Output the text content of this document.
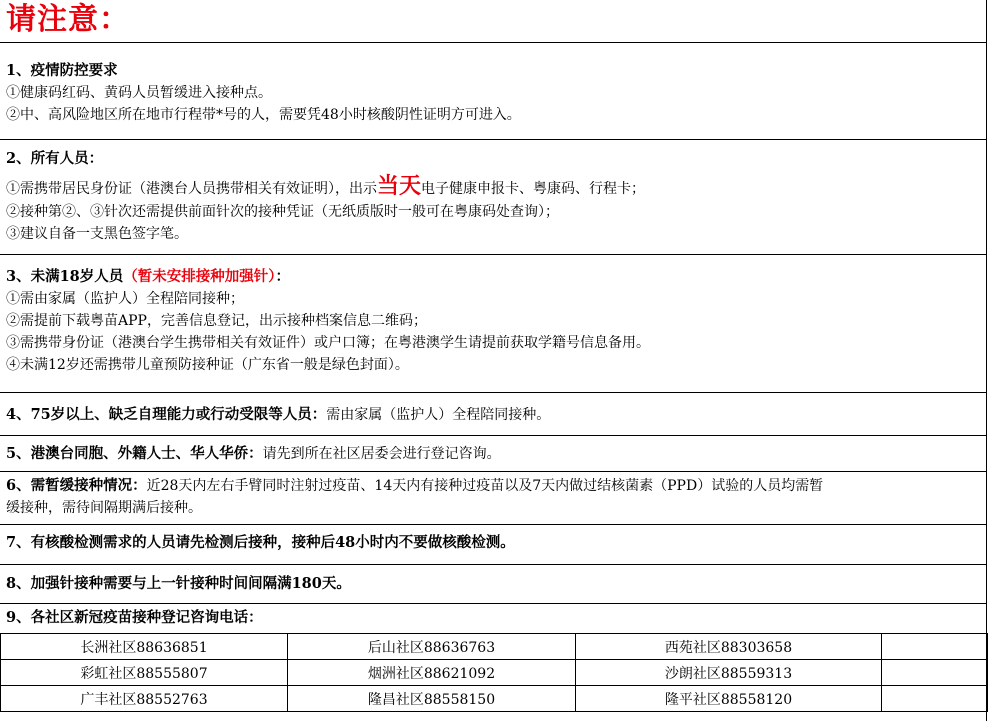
请注意：
1、疫情防控要求
①健康码红码、黄码人员暂缓进入接种点。
②中、高风险地区所在地市行程带*号的人，需要凭48小时核酸阴性证明方可进入。
2、所有人员：
①需携带居民身份证（港澳台人员携带相关有效证明），出示当天电子健康申报卡、粤康码、行程卡；
②接种第②、③针次还需提供前面针次的接种凭证（无纸质版时一般可在粤康码处查询）；
③建议自备一支黑色签字笔。
3、未满18岁人员（暂未安排接种加强针）：
①需由家属（监护人）全程陪同接种；
②需提前下载粤苗APP，完善信息登记，出示接种档案信息二维码；
③需携带身份证（港澳台学生携带相关有效证件）或户口簿；在粤港澳学生请提前获取学籍号信息备用。
④未满12岁还需携带儿童预防接种证（广东省一般是绿色封面）。
4、75岁以上、缺乏自理能力或行动受限等人员：需由家属（监护人）全程陪同接种。
5、港澳台同胞、外籍人士、华人华侨：请先到所在社区居委会进行登记咨询。
6、需暂缓接种情况：近28天内左右手臂同时注射过疫苗、14天内有接种过疫苗以及7天内做过结核菌素（PPD）试验的人员均需暂
缓接种，需待间隔期满后接种。
7、有核酸检测需求的人员请先检测后接种，接种后48小时内不要做核酸检测。
8、加强针接种需要与上一针接种时间间隔满180天。
9、各社区新冠疫苗接种登记咨询电话：
长洲社区88636851	后山社区88636763	西苑社区88303658	
彩虹社区88555807	烟洲社区88621092	沙朗社区88559313	
广丰社区88552763	隆昌社区88558150	隆平社区88558120	
